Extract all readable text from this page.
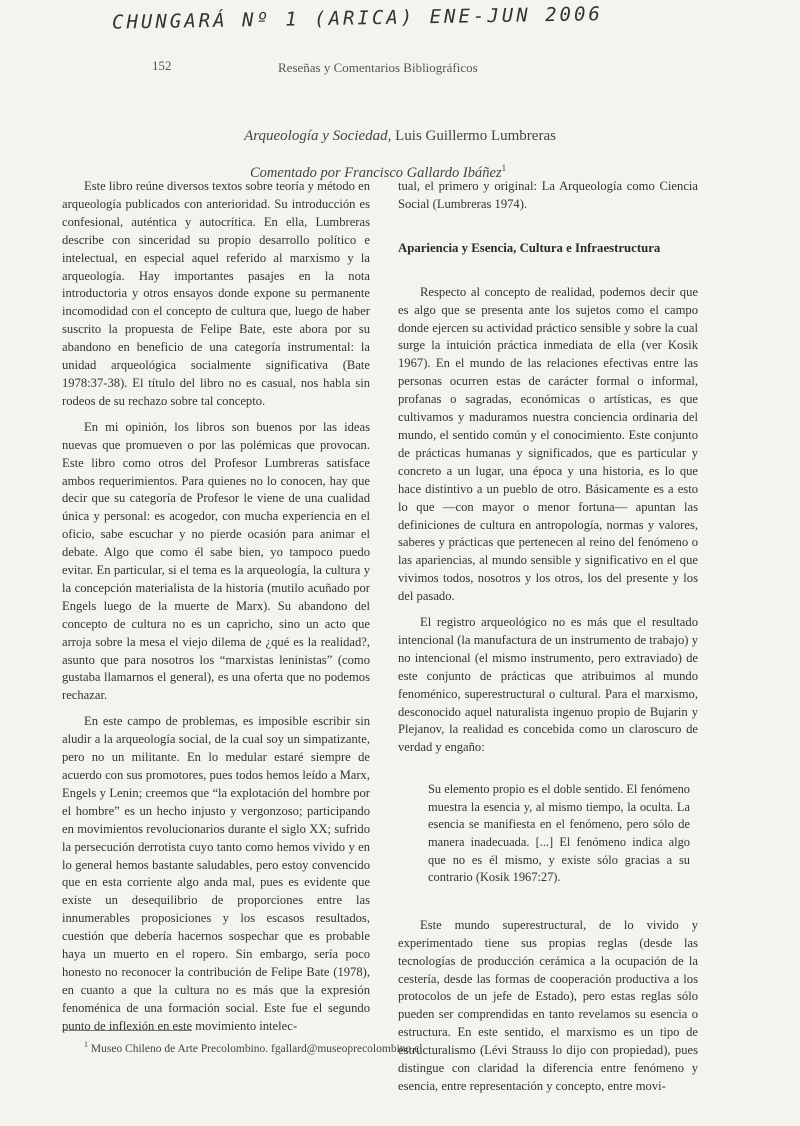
CHUNGARÁ Nº 1 (ARICA) ENE-JUN 2006
152	Reseñas y Comentarios Bibliográficos
Arqueología y Sociedad, Luis Guillermo Lumbreras
Comentado por Francisco Gallardo Ibáñez$^1$

Este libro reúne diversos textos sobre teoría y método en arqueología publicados con anterioridad. Su introducción es confesional, auténtica y autocrítica. En ella, Lumbreras describe con sinceridad su propio desarrollo político e intelectual, en especial aquel referido al marxismo y la arqueología. Hay importantes pasajes en la nota introductoria y otros ensayos donde expone su permanente incomodidad con el concepto de cultura que, luego de haber suscrito la propuesta de Felipe Bate, este abora por su abandono en beneficio de una categoría instrumental: la unidad arqueológica socialmente significativa (Bate 1978:37-38). El título del libro no es casual, nos habla sin rodeos de su rechazo sobre tal concepto.

En mi opinión, los libros son buenos por las ideas nuevas que promueven o por las polémicas que provocan. Este libro como otros del Profesor Lumbreras satisface ambos requerimientos. Para quienes no lo conocen, hay que decir que su categoría de Profesor le viene de una cualidad única y personal: es acogedor, con mucha experiencia en el oficio, sabe escuchar y no pierde ocasión para animar el debate. Algo que como él sabe bien, yo tampoco puedo evitar. En particular, si el tema es la arqueología, la cultura y la concepción materialista de la historia (mutilo acuñado por Engels luego de la muerte de Marx). Su abandono del concepto de cultura no es un capricho, sino un acto que arroja sobre la mesa el viejo dilema de ¿qué es la realidad?, asunto que para nosotros los “marxistas leninistas” (como gustaba llamarnos el general), es una oferta que no podemos rechazar.

En este campo de problemas, es imposible escribir sin aludir a la arqueología social, de la cual soy un simpatizante, pero no un militante. En lo medular estaré siempre de acuerdo con sus promotores, pues todos hemos leído a Marx, Engels y Lenin; creemos que “la explotación del hombre por el hombre” es un hecho injusto y vergonzoso; participando en movimientos revolucionarios durante el siglo XX; sufrido la persecución derrotista cuyo tanto como hemos vivido y en lo general hemos bastante saludables, pero estoy convencido que en esta corriente algo anda mal, pues es evidente que existe un desequilibrio de proporciones entre las innumerables proposiciones y los escasos resultados, cuestión que debería hacernos sospechar que es probable haya un muerto en el ropero. Sin embargo, sería poco honesto no reconocer la contribución de Felipe Bate (1978), en cuanto a que la cultura no es más que la expresión fenoménica de una formación social. Este fue el segundo punto de inflexión en este movimiento intelec-

tual, el primero y original: La Arqueología como Ciencia Social (Lumbreras 1974).

Apariencia y Esencia, Cultura e Infraestructura

Respecto al concepto de realidad, podemos decir que es algo que se presenta ante los sujetos como el campo donde ejercen su actividad práctico sensible y sobre la cual surge la intuición práctica inmediata de ella (ver Kosik 1967). En el mundo de las relaciones efectivas entre las personas ocurren estas de carácter formal o informal, profanas o sagradas, económicas o artísticas, es que cultivamos y maduramos nuestra conciencia ordinaria del mundo, el sentido común y el conocimiento. Este conjunto de prácticas humanas y significados, que es particular y concreto a un lugar, una época y una historia, es lo que hace distintivo a un pueblo de otro. Básicamente es a esto lo que —con mayor o menor fortuna— apuntan las definiciones de cultura en antropología, normas y valores, saberes y prácticas que pertenecen al reino del fenómeno o las apariencias, al mundo sensible y significativo en el que vivimos todos, nosotros y los otros, los del presente y los del pasado.

El registro arqueológico no es más que el resultado intencional (la manufactura de un instrumento de trabajo) y no intencional (el mismo instrumento, pero extraviado) de este conjunto de prácticas que atribuimos al mundo fenoménico, superestructural o cultural. Para el marxismo, desconocido aquel naturalista ingenuo propio de Bujarin y Plejanov, la realidad es concebida como un claroscuro de verdad y engaño:

Su elemento propio es el doble sentido. El fenómeno muestra la esencia y, al mismo tiempo, la oculta. La esencia se manifiesta en el fenómeno, pero sólo de manera inadecuada. [...] El fenómeno indica algo que no es él mismo, y existe sólo gracias a su contrario (Kosik 1967:27).

Este mundo superestructural, de lo vivido y experimentado tiene sus propias reglas (desde las tecnologías de producción cerámica a la ocupación de la cestería, desde las formas de cooperación productiva a los protocolos de un jefe de Estado), pero estas reglas sólo pueden ser comprendidas en tanto revelamos su esencia o estructura. En este sentido, el marxismo es un tipo de estructuralismo (Lévi Strauss lo dijo con propiedad), pues distingue con claridad la diferencia entre fenómeno y esencia, entre representación y concepto, entre movi-

$^1$ Museo Chileno de Arte Precolombino. fgallard@museoprecolombino.cl
